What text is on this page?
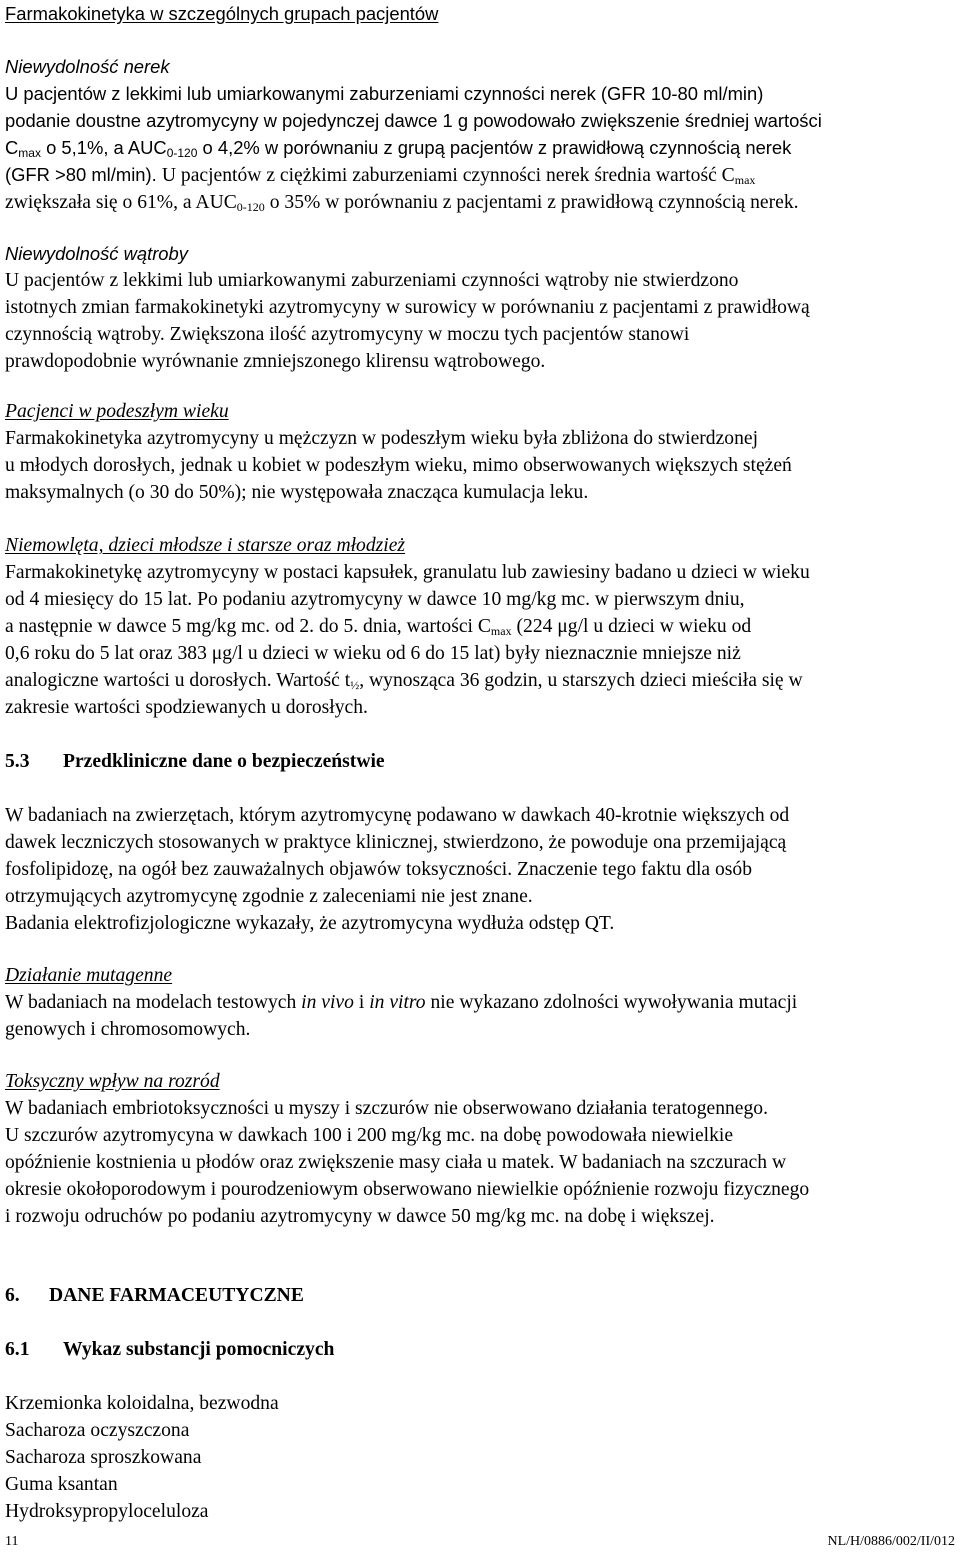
Farmakokinetyka w szczególnych grupach pacjentów
Niewydolność nerek
U pacjentów z lekkimi lub umiarkowanymi zaburzeniami czynności nerek (GFR 10-80 ml/min)
podanie doustne azytromycyny w pojedynczej dawce 1 g powodowało zwiększenie średniej wartości
$C_{max}$ o 5,1%, a $AUC_{0-120}$ o 4,2% w porównaniu z grupą pacjentów z prawidłową czynnością nerek
(GFR >80 ml/min). U pacjentów z ciężkimi zaburzeniami czynności nerek średnia wartość $C_{max}$
zwiększała się o 61%, a $AUC_{0-120}$ o 35% w porównaniu z pacjentami z prawidłową czynnością nerek.
Niewydolność wątroby
U pacjentów z lekkimi lub umiarkowanymi zaburzeniami czynności wątroby nie stwierdzono
istotnych zmian farmakokinetyki azytromycyny w surowicy w porównaniu z pacjentami z prawidłową
czynnością wątroby. Zwiększona ilość azytromycyny w moczu tych pacjentów stanowi
prawdopodobnie wyrównanie zmniejszonego klirensu wątrobowego.
Pacjenci w podeszłym wieku
Farmakokinetyka azytromycyny u mężczyzn w podeszłym wieku była zbliżona do stwierdzonej
u młodych dorosłych, jednak u kobiet w podeszłym wieku, mimo obserwowanych większych stężeń
maksymalnych (o 30 do 50%); nie występowała znacząca kumulacja leku.
Niemowlęta, dzieci młodsze i starsze oraz młodzież
Farmakokinetykę azytromycyny w postaci kapsułek, granulatu lub zawiesiny badano u dzieci w wieku
od 4 miesięcy do 15 lat. Po podaniu azytromycyny w dawce 10 mg/kg mc. w pierwszym dniu,
a następnie w dawce 5 mg/kg mc. od 2. do 5. dnia, wartości $C_{max}$ (224 μg/l u dzieci w wieku od
0,6 roku do 5 lat oraz 383 μg/l u dzieci w wieku od 6 do 15 lat) były nieznacznie mniejsze niż
analogiczne wartości u dorosłych. Wartość $t_{\frac{1}{2}}$, wynosząca 36 godzin, u starszych dzieci mieściła się w
zakresie wartości spodziewanych u dorosłych.
5.3 Przedkliniczne dane o bezpieczeństwie
W badaniach na zwierzętach, którym azytromycynę podawano w dawkach 40-krotnie większych od
dawek leczniczych stosowanych w praktyce klinicznej, stwierdzono, że powoduje ona przemijającą
fosfolipidozę, na ogół bez zauważalnych objawów toksyczności. Znaczenie tego faktu dla osób
otrzymujących azytromycynę zgodnie z zaleceniami nie jest znane.
Badania elektrofizjologiczne wykazały, że azytromycyna wydłuża odstęp QT.
Działanie mutagenne
W badaniach na modelach testowych in vivo i in vitro nie wykazano zdolności wywoływania mutacji
genowych i chromosomowych.
Toksyczny wpływ na rozród
W badaniach embriotoksyczności u myszy i szczurów nie obserwowano działania teratogennego.
U szczurów azytromycyna w dawkach 100 i 200 mg/kg mc. na dobę powodowała niewielkie
opóźnienie kostnienia u płodów oraz zwiększenie masy ciała u matek. W badaniach na szczurach w
okresie okołoporodowym i pourodzeniowym obserwowano niewielkie opóźnienie rozwoju fizycznego
i rozwoju odruchów po podaniu azytromycyny w dawce 50 mg/kg mc. na dobę i większej.
6. DANE FARMACEUTYCZNE
6.1 Wykaz substancji pomocniczych
Krzemionka koloidalna, bezwodna
Sacharoza oczyszczona
Sacharoza sproszkowana
Guma ksantan
Hydroksypropyloceluloza
11	NL/H/0886/002/II/012
